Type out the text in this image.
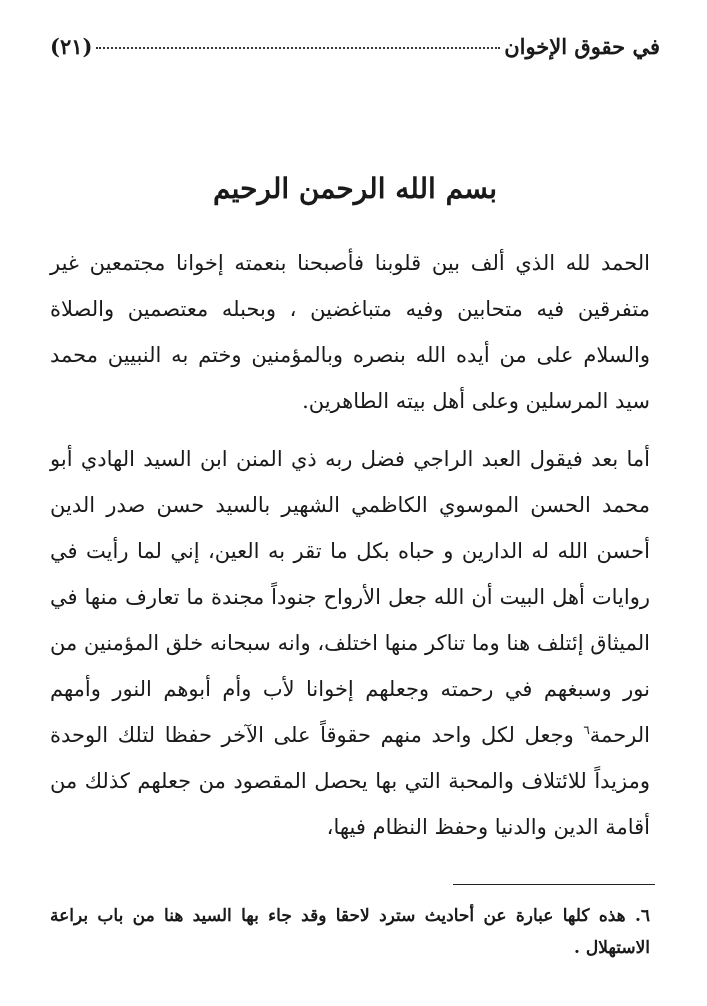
في حقوق الإخوان
(٢١)
بسم الله الرحمن الرحيم

الحمد لله الذي ألف بين قلوبنا فأصبحنا بنعمته إخوانا مجتمعين غير متفرقين فيه متحابين وفيه متباغضين ، وبحبله معتصمين والصلاة والسلام على من أيده الله بنصره وبالمؤمنين وختم به النبيين محمد سيد المرسلين وعلى أهل بيته الطاهرين.

أما بعد فيقول العبد الراجي فضل ربه ذي المنن ابن السيد الهادي أبو محمد الحسن الموسوي الكاظمي الشهير بالسيد حسن صدر الدين أحسن الله له الدارين و حباه بكل ما تقر به العين، إني لما رأيت في روايات أهل البيت أن الله جعل الأرواح جنوداً مجندة ما تعارف منها في الميثاق إئتلف هنا وما تناكر منها اختلف، وانه سبحانه خلق المؤمنين من نور وسبغهم في رحمته وجعلهم إخوانا لأب وأم أبوهم النور وأمهم الرحمة$^٦$ وجعل لكل واحد منهم حقوقاً على الآخر حفظا لتلك الوحدة ومزيداً للائتلاف والمحبة التي بها يحصل المقصود من جعلهم كذلك من أقامة الدين والدنيا وحفظ النظام فيها،

٦. هذه كلها عبارة عن أحاديث سترد لاحقا وقد جاء بها السيد هنا من باب براعة الاستهلال .
